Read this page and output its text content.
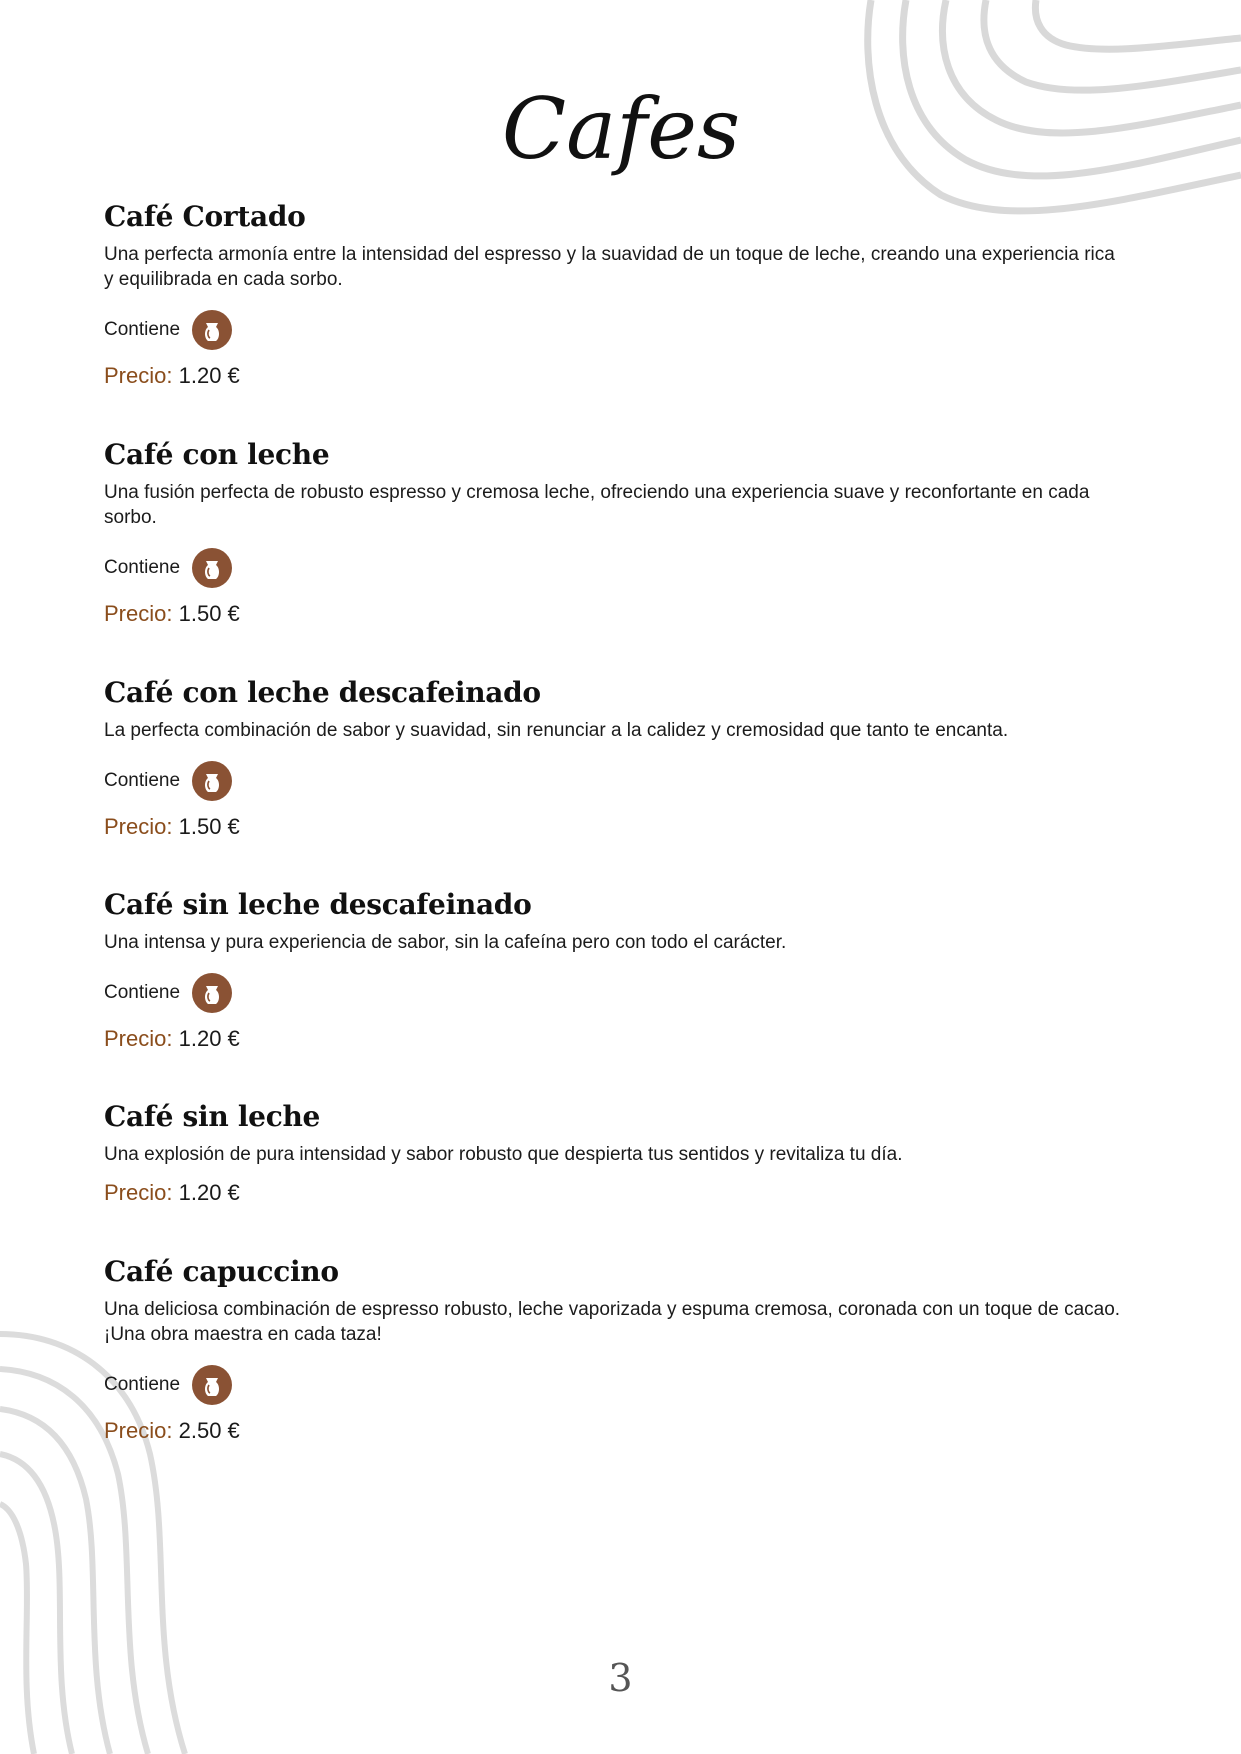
Cafes
Café Cortado

Una perfecta armonía entre la intensidad del espresso y la suavidad de un toque de leche, creando una experiencia rica y equilibrada en cada sorbo.

Contiene
Precio: 1.20 €
Café con leche

Una fusión perfecta de robusto espresso y cremosa leche, ofreciendo una experiencia suave y reconfortante en cada sorbo.

Contiene
Precio: 1.50 €
Café con leche descafeinado

La perfecta combinación de sabor y suavidad, sin renunciar a la calidez y cremosidad que tanto te encanta.

Contiene
Precio: 1.50 €
Café sin leche descafeinado

Una intensa y pura experiencia de sabor, sin la cafeína pero con todo el carácter.

Contiene
Precio: 1.20 €
Café sin leche

Una explosión de pura intensidad y sabor robusto que despierta tus sentidos y revitaliza tu día.

Precio: 1.20 €
Café capuccino

Una deliciosa combinación de espresso robusto, leche vaporizada y espuma cremosa, coronada con un toque de cacao. ¡Una obra maestra en cada taza!

Contiene
Precio: 2.50 €
3
